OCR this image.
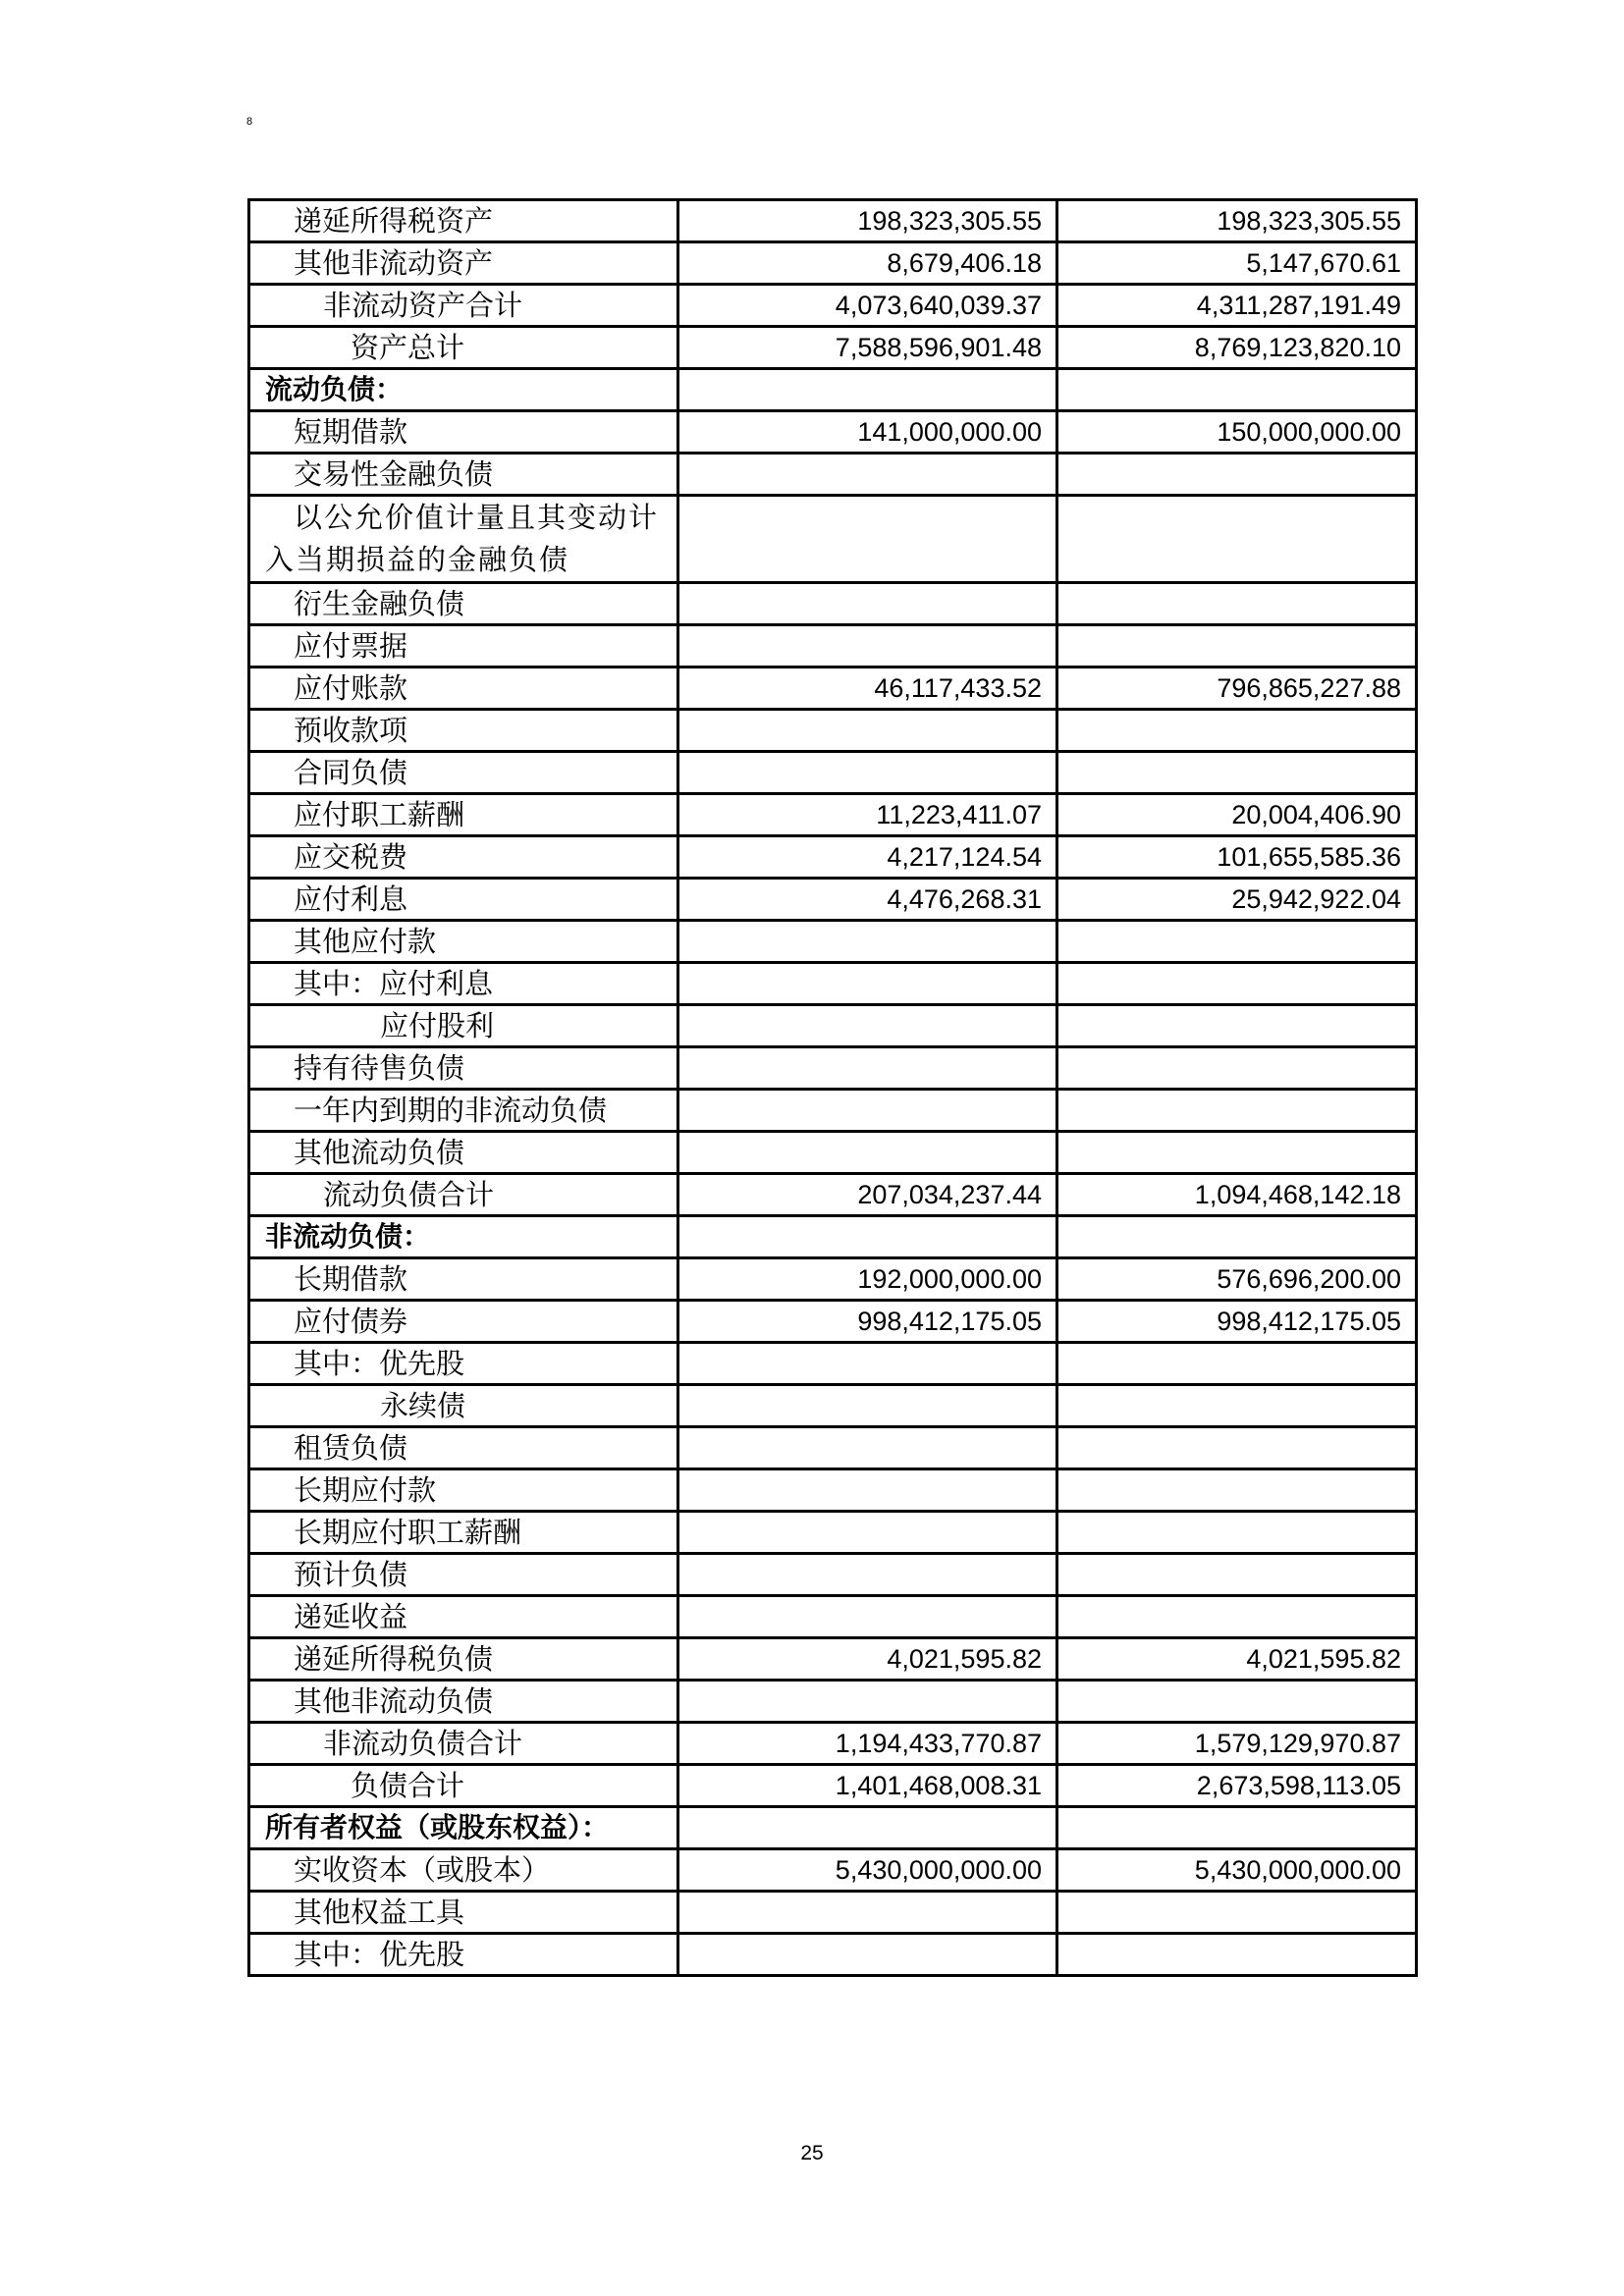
8
递延所得税资产	198,323,305.55	198,323,305.55
其他非流动资产	8,679,406.18	5,147,670.61
非流动资产合计	4,073,640,039.37	4,311,287,191.49
资产总计	7,588,596,901.48	8,769,123,820.10
流动负债：		
短期借款	141,000,000.00	150,000,000.00
交易性金融负债		

以公允价值计量且其变动计
入当期损益的金融负债		

衍生金融负债		
应付票据		
应付账款	46,117,433.52	796,865,227.88
预收款项		
合同负债		
应付职工薪酬	11,223,411.07	20,004,406.90
应交税费	4,217,124.54	101,655,585.36
应付利息	4,476,268.31	25,942,922.04
其他应付款		
其中：应付利息		
应付股利		
持有待售负债		
一年内到期的非流动负债		
其他流动负债		
流动负债合计	207,034,237.44	1,094,468,142.18
非流动负债：		
长期借款	192,000,000.00	576,696,200.00
应付债券	998,412,175.05	998,412,175.05
其中：优先股		
永续债		
租赁负债		
长期应付款		
长期应付职工薪酬		
预计负债		
递延收益		
递延所得税负债	4,021,595.82	4,021,595.82
其他非流动负债		
非流动负债合计	1,194,433,770.87	1,579,129,970.87
负债合计	1,401,468,008.31	2,673,598,113.05
所有者权益（或股东权益）：		
实收资本（或股本）	5,430,000,000.00	5,430,000,000.00
其他权益工具		
其中：优先股		
25
